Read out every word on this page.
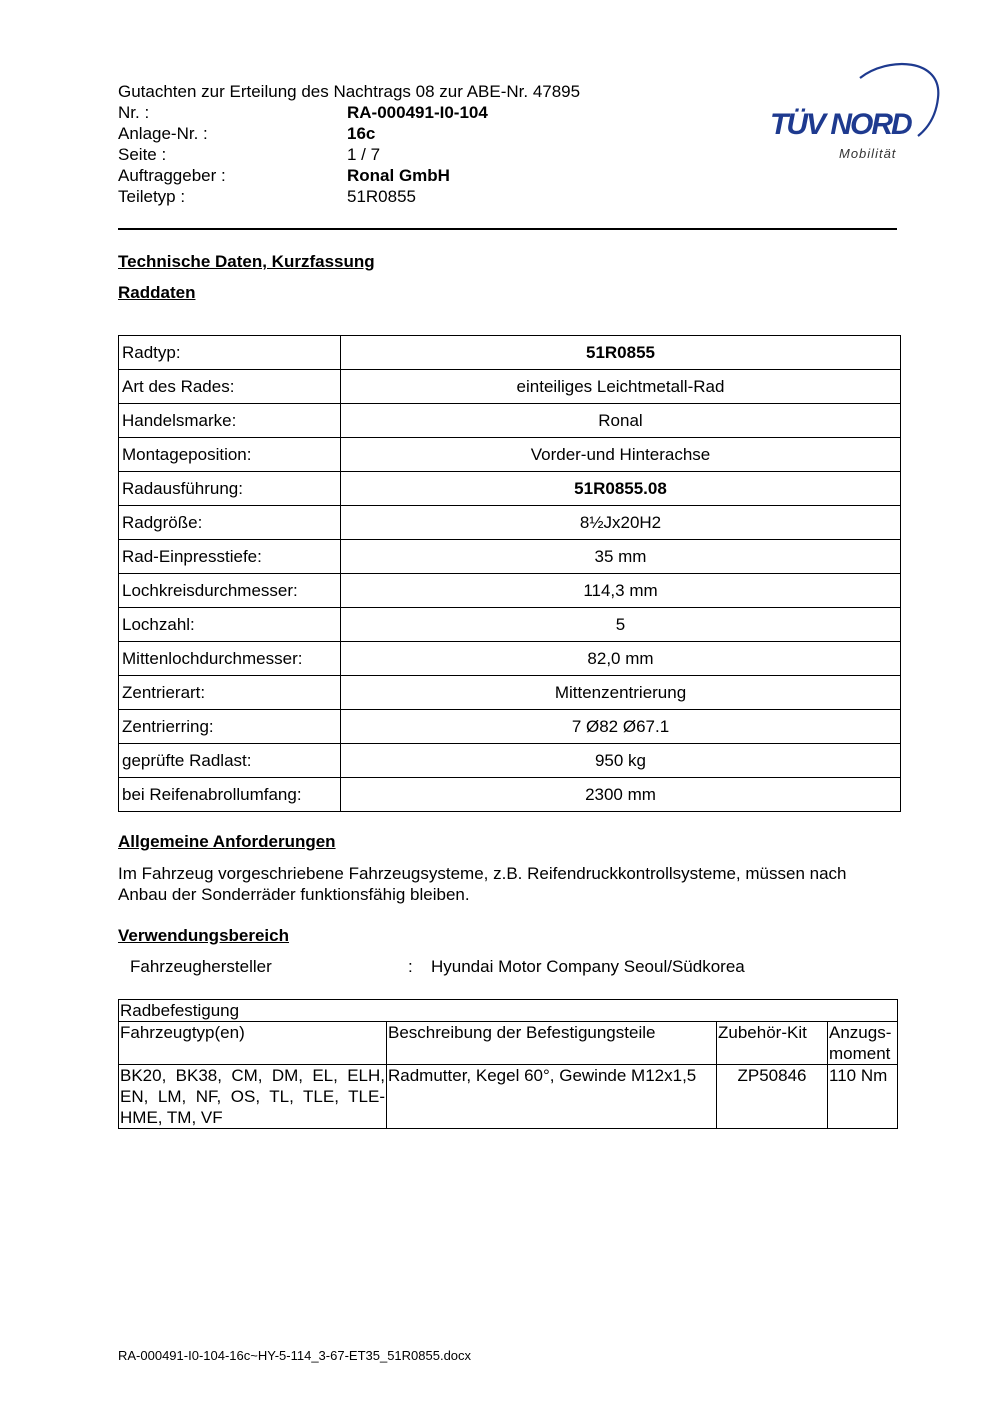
Gutachten zur Erteilung des Nachtrags 08 zur ABE-Nr. 47895
Nr. :	RA-000491-I0-104
Anlage-Nr. :	16c
Seite :	1 / 7
Auftraggeber :	Ronal GmbH
Teiletyp :	51R0855
TÜV NORD
Mobilität
Technische Daten, Kurzfassung
Raddaten
Radtyp:	51R0855
Art des Rades:	einteiliges Leichtmetall-Rad
Handelsmarke:	Ronal
Montageposition:	Vorder-und Hinterachse
Radausführung:	51R0855.08
Radgröße:	8½Jx20H2
Rad-Einpresstiefe:	35 mm
Lochkreisdurchmesser:	114,3 mm
Lochzahl:	5
Mittenlochdurchmesser:	82,0 mm
Zentrierart:	Mittenzentrierung
Zentrierring:	7 Ø82 Ø67.1
geprüfte Radlast:	950 kg
bei Reifenabrollumfang:	2300 mm
Allgemeine Anforderungen

Im Fahrzeug vorgeschriebene Fahrzeugsysteme, z.B. Reifendruckkontrollsysteme, müssen nach Anbau der Sonderräder funktionsfähig bleiben.

Verwendungsbereich
Fahrzeughersteller	: Hyundai Motor Company Seoul/Südkorea
Radbefestigung			
Fahrzeugtyp(en)	Beschreibung der Befestigungsteile	Zubehör-Kit	Anzugs-moment
BK20, BK38, CM, DM, EL, ELH, EN, LM, NF, OS, TL, TLE, TLE-HME, TM, VF	Radmutter, Kegel 60°, Gewinde M12x1,5	ZP50846	110 Nm
RA-000491-I0-104-16c~HY-5-114_3-67-ET35_51R0855.docx
